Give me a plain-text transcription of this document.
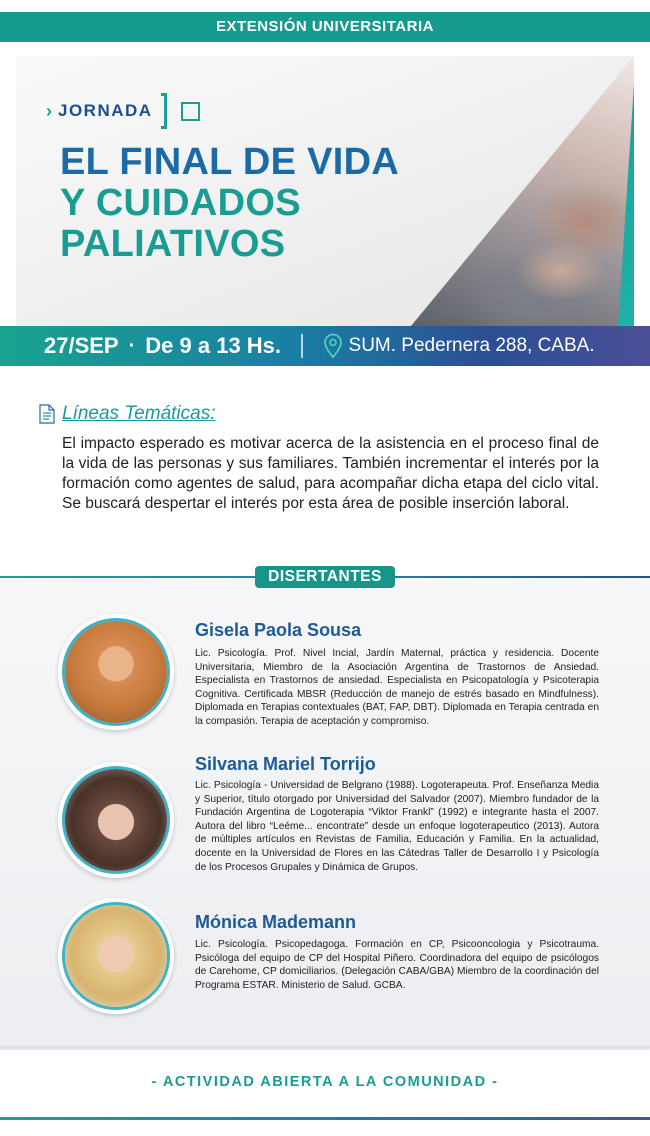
EXTENSIÓN UNIVERSITARIA
› JORNADA
EL FINAL DE VIDA
Y CUIDADOS
PALIATIVOS
27/SEP · De 9 a 13 Hs.	SUM. Pedernera 288, CABA.
Líneas Temáticas:
El impacto esperado es motivar acerca de la asistencia en el proceso final de la vida de las personas y sus familiares. También incrementar el interés por la formación como agentes de salud, para acompañar dicha etapa del ciclo vital. Se buscará despertar el interés por esta área de posible inserción laboral.
Gisela Paola Sousa
Lic. Psicología. Prof. Nivel Incial, Jardín Maternal, práctica y residencia. Docente Universitaria, Miembro de la Asociación Argentina de Trastornos de Ansiedad. Especialista en Trastornos de ansiedad. Especialista en Psicopatología y Psicoterapia Cognitiva. Certificada MBSR (Reducción de manejo de estrés basado en Mindfulness). Diplomada en Terapias contextuales (BAT, FAP, DBT). Diplomada en Terapia centrada en la compasión. Terapia de aceptación y compromiso.
Silvana Mariel Torrijo
Lic. Psicología - Universidad de Belgrano (1988). Logoterapeuta. Prof. Enseñanza Media y Superior, título otorgado por Universidad del Salvador (2007). Miembro fundador de la Fundación Argentina de Logoterapia “Viktor Frankl” (1992) e integrante hasta el 2007. Autora del libro “Leéme... encontrate” desde un enfoque logoterapeutico (2013). Autora de múltiples artículos en Revistas de Familia, Educación y Familia. En la actualidad, docente en la Universidad de Flores en las Cátedras Taller de Desarrollo I y Psicología de los Procesos Grupales y Dinámica de Grupos.
Mónica Mademann
Lic. Psicología. Psicopedagoga. Formación en CP, Psicooncologia y Psicotrauma. Psicóloga del equipo de CP del Hospital Piñero. Coordinadora del equipo de psicólogos de Carehome, CP domiciliarios. (Delegación CABA/GBA) Miembro de la coordinación del Programa ESTAR. Ministerio de Salud. GCBA.
DISERTANTES
- ACTIVIDAD ABIERTA A LA COMUNIDAD -
